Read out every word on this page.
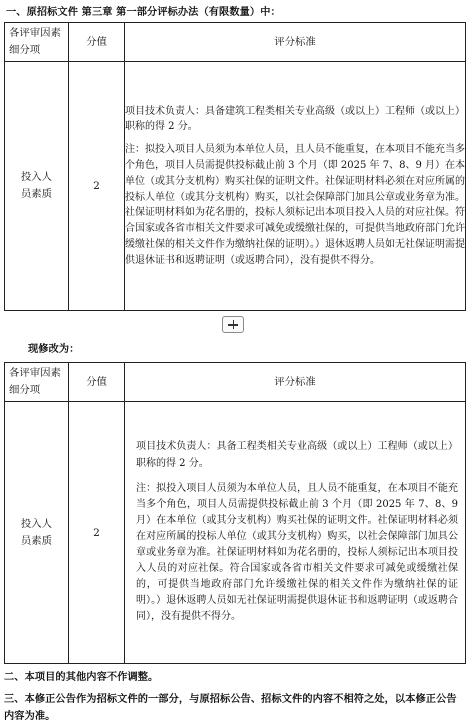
一、原招标文件 第三章 第一部分评标办法（有限数量）中：
各评审因素细分项	分值	评分标准

投入人员素质	2	项目技术负责人：具备建筑工程类相关专业高级（或以上）工程师（或以上）职称的得 2 分。

注：拟投入项目人员须为本单位人员，且人员不能重复，在本项目不能充当多个角色，项目人员需提供投标截止前 3 个月（即 2025 年 7、8、9 月）在本单位（或其分支机构）购买社保的证明文件。社保证明材料必须在对应所属的投标人单位（或其分支机构）购买，以社会保障部门加具公章或业务章为准。社保证明材料如为花名册的，投标人须标记出本项目投入人员的对应社保。符合国家或各省市相关文件要求可减免或缓缴社保的，可提供当地政府部门允许缓缴社保的相关文件作为缴纳社保的证明）。）退休返聘人员如无社保证明需提供退休证书和返聘证明（或返聘合同），没有提供不得分。

现修改为：
各评审因素细分项	分值	评分标准

投入人员素质	2	项目技术负责人：具备工程类相关专业高级（或以上）工程师（或以上）职称的得 2 分。

注：拟投入项目人员须为本单位人员，且人员不能重复，在本项目不能充当多个角色，项目人员需提供投标截止前 3 个月（即 2025 年 7、8、9 月）在本单位（或其分支机构）购买社保的证明文件。社保证明材料必须在对应所属的投标人单位（或其分支机构）购买，以社会保障部门加具公章或业务章为准。社保证明材料如为花名册的，投标人须标记出本项目投入人员的对应社保。符合国家或各省市相关文件要求可减免或缓缴社保的，可提供当地政府部门允许缓缴社保的相关文件作为缴纳社保的证明）。）退休返聘人员如无社保证明需提供退休证书和返聘证明（或返聘合同），没有提供不得分。

二、本项目的其他内容不作调整。
三、本修正公告作为招标文件的一部分，与原招标公告、招标文件的内容不相符之处，以本修正公告内容为准。
